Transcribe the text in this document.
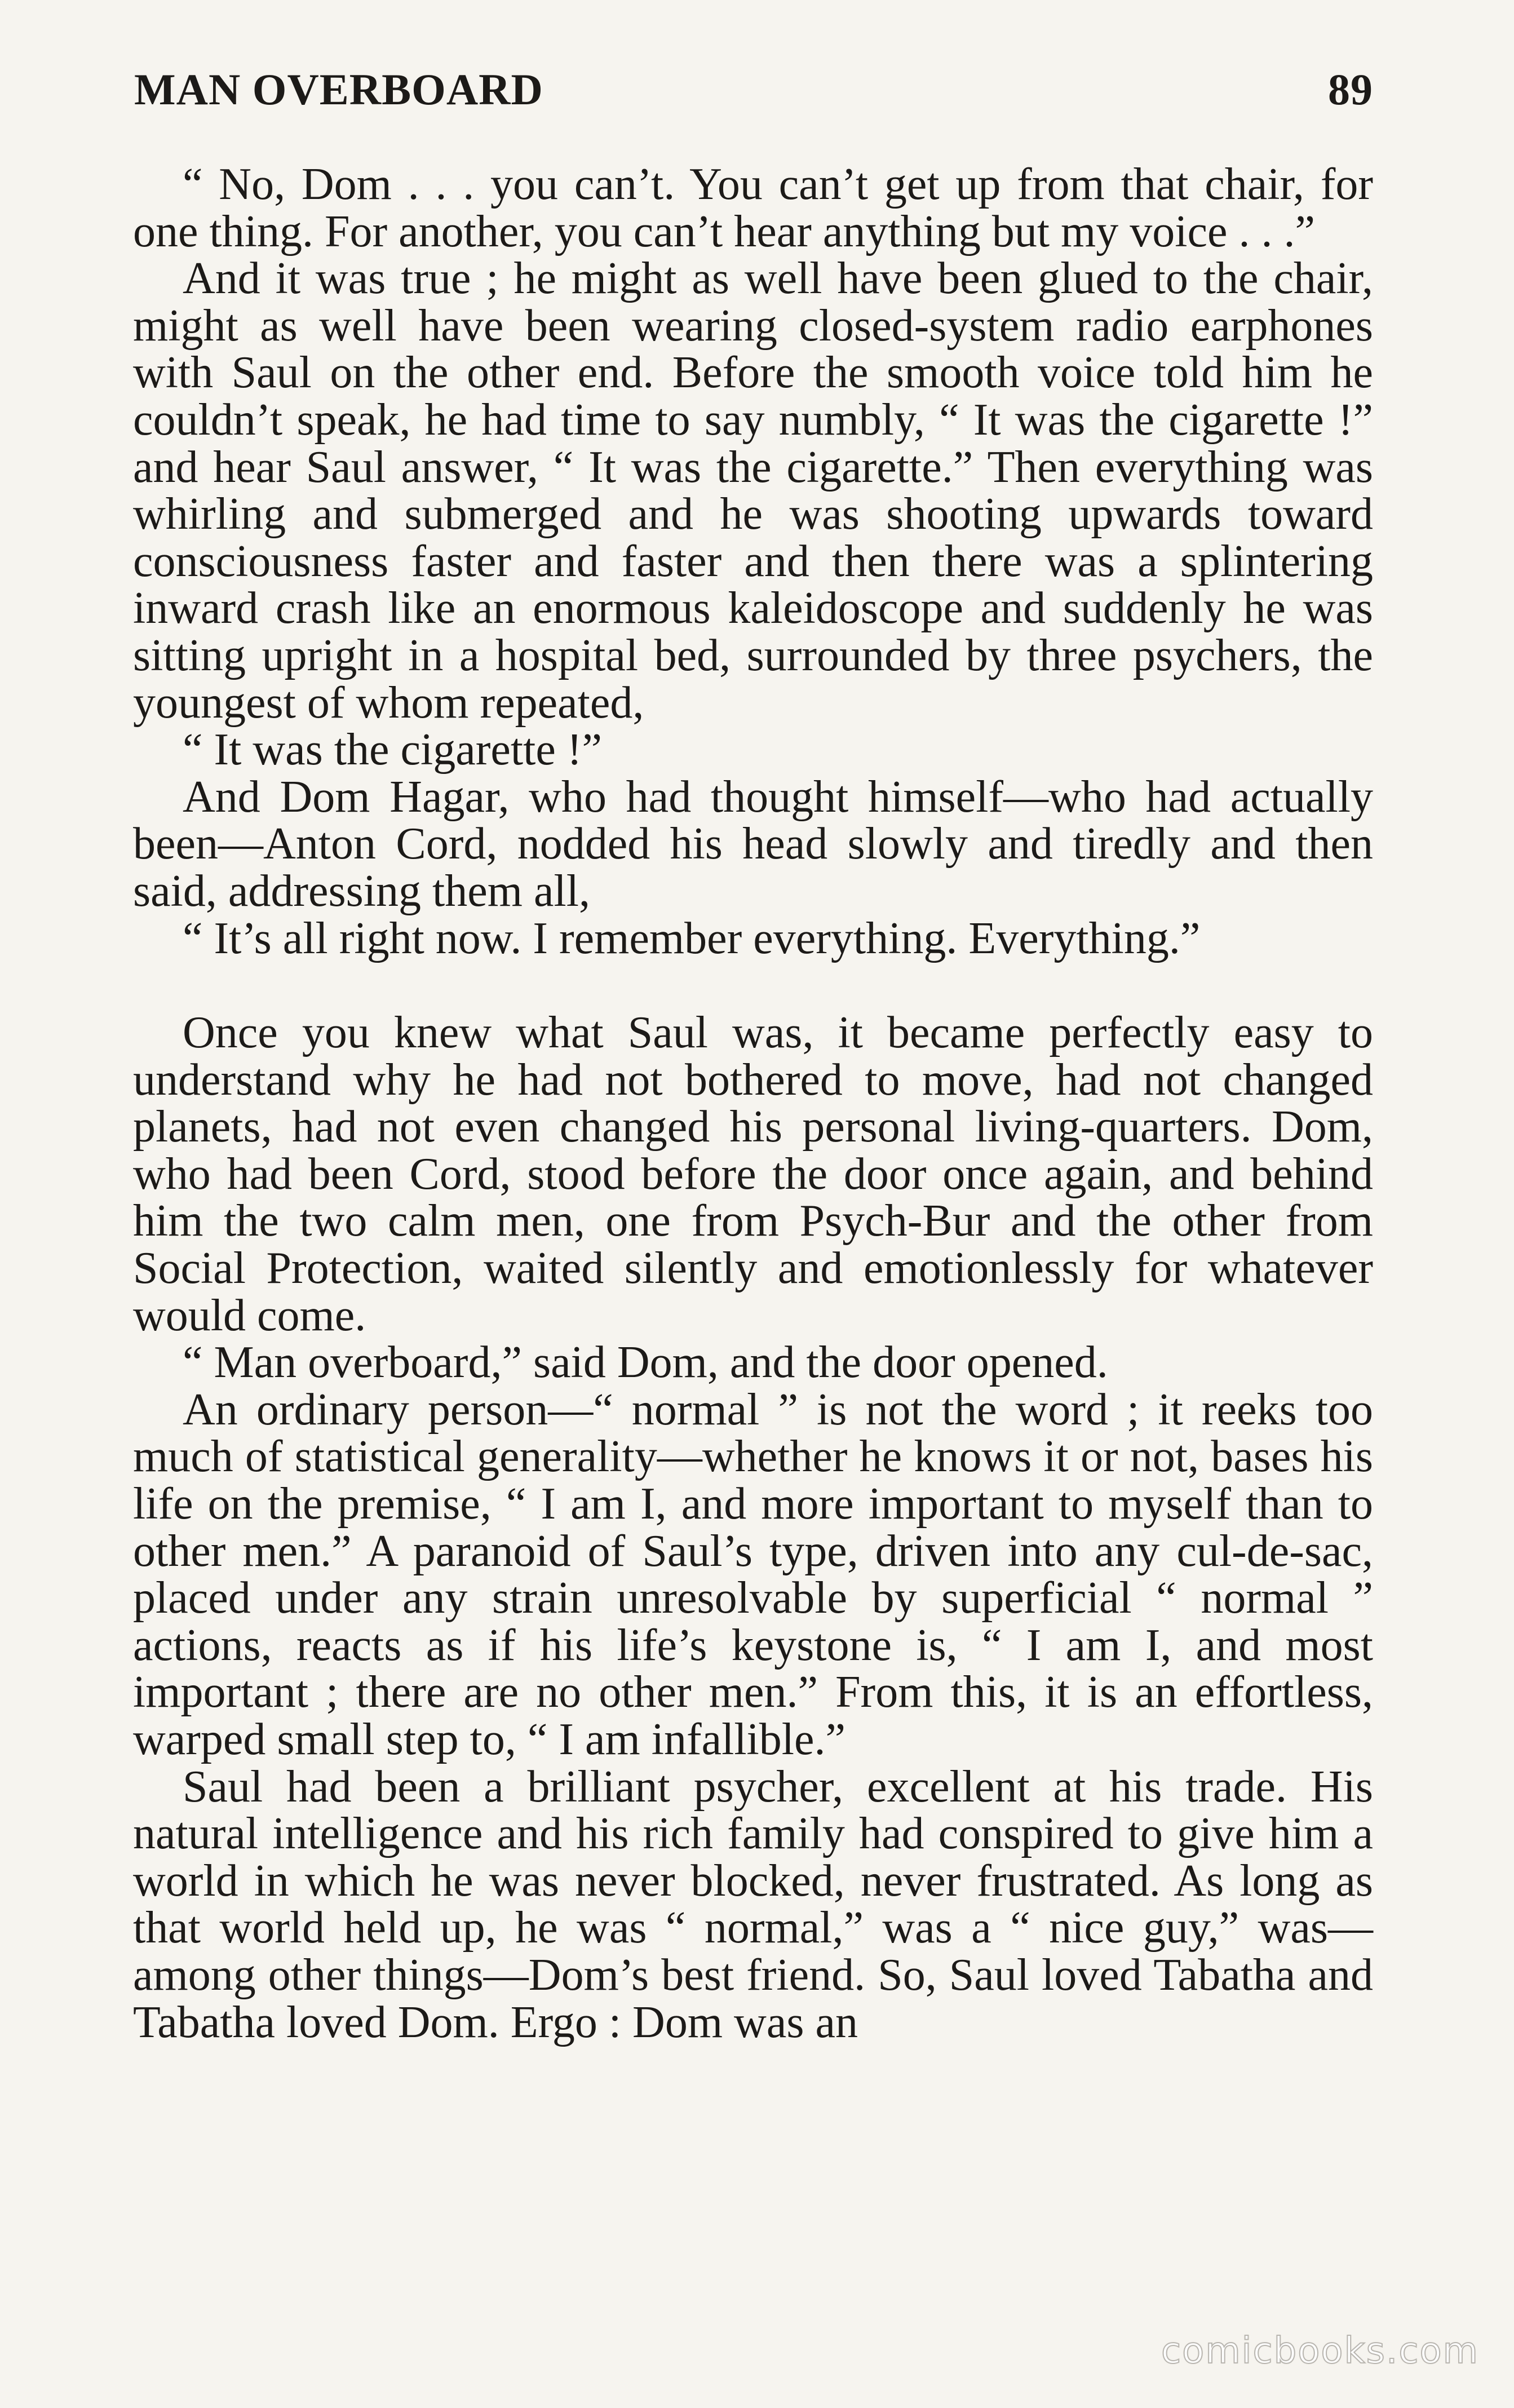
MAN OVERBOARD	89

“ No, Dom . . . you can’t. You can’t get up from that chair, for one thing. For another, you can’t hear anything but my voice . . .”

And it was true ; he might as well have been glued to the chair, might as well have been wearing closed-system radio earphones with Saul on the other end. Before the smooth voice told him he couldn’t speak, he had time to say numbly, “ It was the cigarette !” and hear Saul answer, “ It was the cigarette.” Then everything was whirling and submerged and he was shooting upwards toward consciousness faster and faster and then there was a splintering inward crash like an enormous kaleidoscope and suddenly he was sitting upright in a hospital bed, surrounded by three psychers, the youngest of whom repeated,

“ It was the cigarette !”

And Dom Hagar, who had thought himself—who had actually been—Anton Cord, nodded his head slowly and tiredly and then said, addressing them all,

“ It’s all right now. I remember everything. Everything.”

Once you knew what Saul was, it became perfectly easy to understand why he had not bothered to move, had not changed planets, had not even changed his personal living-quarters. Dom, who had been Cord, stood before the door once again, and behind him the two calm men, one from Psych-Bur and the other from Social Protection, waited silently and emotionlessly for whatever would come.

“ Man overboard,” said Dom, and the door opened.

An ordinary person—“ normal ” is not the word ; it reeks too much of statistical generality—whether he knows it or not, bases his life on the premise, “ I am I, and more important to myself than to other men.” A paranoid of Saul’s type, driven into any cul-de-sac, placed under any strain unresolvable by superficial “ normal ” actions, reacts as if his life’s keystone is, “ I am I, and most important ; there are no other men.” From this, it is an effortless, warped small step to, “ I am infallible.”

Saul had been a brilliant psycher, excellent at his trade. His natural intelligence and his rich family had conspired to give him a world in which he was never blocked, never frustrated. As long as that world held up, he was “ normal,” was a “ nice guy,” was—among other things—Dom’s best friend. So, Saul loved Tabatha and Tabatha loved Dom. Ergo : Dom was an

comicbooks.com
